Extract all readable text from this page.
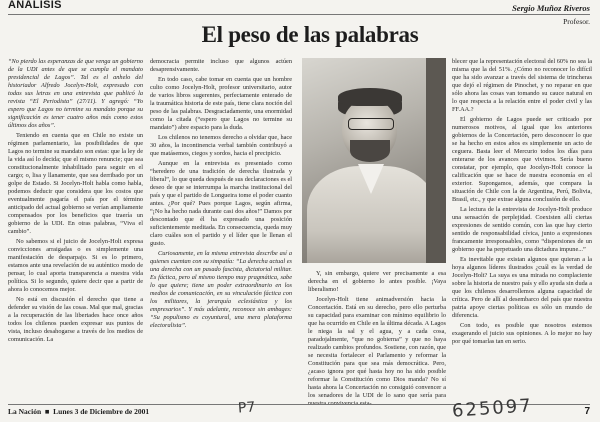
ANALISIS	Sergio Muñoz Riveros
Profesor.
El peso de las palabras

“No pierdo las esperanzas de que venga un gobierno de la UDI antes de que se cumpla el mandato presidencial de Lagos”. Tal es el anhelo del historiador Alfredo Jocelyn-Holt, expresado con todas sus letras en una entrevista que publicó la revista “El Periodista” (27/11). Y agregó: “Yo espero que Lagos no termine su mandato porque su significación es tener cuatro años más como estos últimos dos años”.

Teniendo en cuenta que en Chile no existe un régimen parlamentario, las posibilidades de que Lagos no termine su mandato son estas: que la ley de la vida así lo decida; que el mismo renuncie; que sea constitucionalmente inhabilitado para seguir en el cargo; o, lisa y llanamente, que sea derribado por un golpe de Estado. Si Jocelyn-Holt habla como habla, podemos deducir que considera que los costos que eventualmente pagaría el país por el término anticipado del actual gobierno se verían ampliamente compensados por los beneficios que traería un gobierno de la UDI. En otras palabras, “Viva el cambio”.

No sabemos si el juicio de Jocelyn-Holt expresa convicciones arraigadas o es simplemente una manifestación de desparpajo. Si es lo primero, estamos ante una revelación de su auténtico modo de pensar, lo cual aporta transparencia a nuestra vida política. Si lo segundo, quiere decir que a partir de ahora lo conocemos mejor.

No está en discusión el derecho que tiene a defender su visión de las cosas. Mal que mal, gracias a la recuperación de las libertades hace once años todos los chilenos pueden expresar sus puntos de vista, incluso desahogarse a través de los medios de comunicación. La

democracia permite incluso que algunos actúen desaprensivamente.

En todo caso, cabe tomar en cuenta que un hombre culto como Jocelyn-Holt, profesor universitario, autor de varios libros sugerentes, perfectamente enterado de la traumática historia de este país, tiene clara noción del peso de las palabras. Desgraciadamente, una enormidad como la citada (“espero que Lagos no termine su mandato”) abre espacio para la duda.

Los chilenos no tenemos derecho a olvidar que, hace 30 años, la incontinencia verbal también contribuyó a que matásemos, ciegos y sordos, hacia el precipicio.

Aunque en la entrevista es presentado como “heredero de una tradición de derecha ilustrada y liberal”, lo que queda después de sus declaraciones es el deseo de que se interrumpa la marcha institucional del país y que el partido de Longueira tome el poder cuanto antes. ¿Por qué? Pues porque Lagos, según afirma, “¡No ha hecho nada durante casi dos años!” Damos por descontado que él ha expresado una posición suficientemente meditada. En consecuencia, queda muy claro cuáles son el partido y el líder que le llenan el gusto.

Curiosamente, en la misma entrevista describe así a quienes cuentan con su simpatía: “La derecha actual es una derecha con un pasado fascista, dictatorial militar. Es fáctica, pero al mismo tiempo muy pragmática, sabe lo que quiere; tiene un poder extraordinario en los medios de comunicación, en su vinculación fáctica con los militares, la jerarquía eclesiástica y los empresarios”. Y más adelante, reconoce sin ambages: “Su populismo es coyuntural, una mera plataforma electoralista”.

Y, sin embargo, quiere ver precisamente a esa derecha en el gobierno lo antes posible. ¡Vaya liberalismo!

Jocelyn-Holt tiene animadversión hacia la Concertación. Está en su derecho, pero ello perturba su capacidad para examinar con mínimo equilibrio lo que ha ocurrido en Chile en la última década. A Lagos le niega la sal y el agua, y a cada cosa, paradojalmente, “que no gobierna” y que no haya realizado cambios profundos. Sostiene, con razón, que se necesita fortalecer el Parlamento y reformar la Constitución para que sea más democrática. Pero, ¿acaso ignora por qué hasta hoy no ha sido posible reformar la Constitución como Dios manda? No sí hasta ahora la Concertación no consiguió convencer a los senadores de la UDI de lo sano que sería para nuestra convivencia esta-

blecer que la representación electoral del 60% no sea la misma que la del 51%. ¿Cómo no reconocer lo difícil que ha sido avanzar a través del sistema de trincheras que dejó el régimen de Pinochet, y no reparar en que sólo ahora las cosas van tomando su cauce natural en lo que respecta a la relación entre el poder civil y las FF.AA.?

El gobierno de Lagos puede ser criticado por numerosos motivos, al igual que los anteriores gobiernos de la Concertación, pero desconocer lo que se ha hecho en estos años es simplemente un acto de ceguera. Basta leer el Mercurio todos los días para enterarse de los avances que vivimos. Sería bueno constatar, por ejemplo, que Jocelyn-Holt conoce la calificación que se hace de nuestra economía en el exterior. Supongamos, además, que compara la situación de Chile con la de Argentina, Perú, Bolivia, Brasil, etc., y que extrae alguna conclusión de ello.

La lectura de la entrevista de Jocelyn-Holt produce una sensación de perplejidad. Coexisten allí ciertas expresiones de sentido común, con las que hay cierto sentido de responsabilidad cívica, junto a expresiones francamente irresponsables, como “dispersiones de un gobierno que ha perpetuado una dictadura impune...”

Es inevitable que existan algunos que quieran a la hoya algunos líderes ilustrados ¿cuál es la verdad de Jocelyn-Holt? La suya es una mirada no complaciente sobre la historia de nuestro país y ello ayuda sin duda a que los chilenos desarrollemos alguna capacidad de crítica. Pero de allí al desembarco del país que nuestra patria apoye ciertas políticas es sólo un mundo de diferencia.

Con todo, es posible que nosotros estemos exagerando el juicio sus opiniones. A lo mejor no hay por qué tomarlas tan en serio.

La Nación  ■  Lunes 3 de Diciembre de 2001	7
P7	625097
